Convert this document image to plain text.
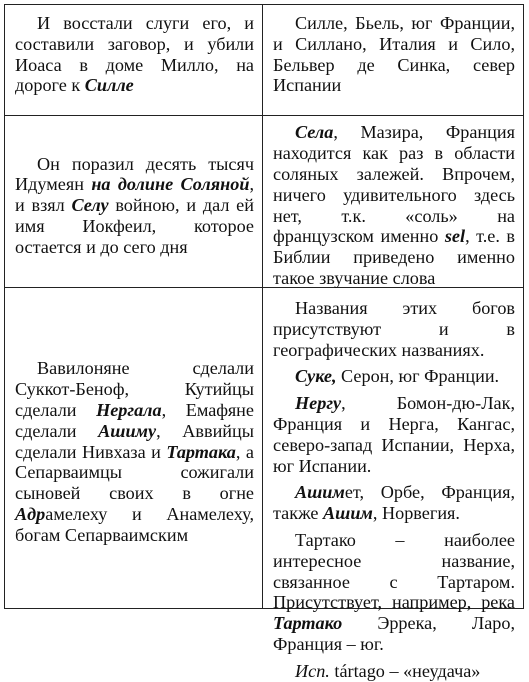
И восстали слуги его, и составили заговор, и убили Иоаса в доме Милло, на дороге к Силле

Силле, Бьель, юг Франции, и Силлано, Италия и Сило, Бельвер де Синка, север Испании

Он поразил десять тысяч Идумеян на долине Соляной, и взял Селу войною, и дал ей имя Иокфеил, которое остается и до сего дня

Села, Мазира, Франция находится как раз в области соляных залежей. Впрочем, ничего удивительного здесь нет, т.к. «соль» на французском именно sel, т.е. в Библии приведено именно такое звучание слова

Вавилоняне сделали Суккот-Беноф, Кутийцы сделали Нергала, Емафяне сделали Ашиму, Аввийцы сделали Нивхаза и Тартака, а Сепарваимцы сожигали сыновей своих в огне Адрамелеху и Анамелеху, богам Сепарваимским

Названия этих богов присутствуют и в географических названиях.

Суке, Серон, юг Франции.

Нергу, Бомон-дю-Лак, Франция и Нерга, Кангас, северо-запад Испании, Нерха, юг Испании.

Ашимет, Орбе, Франция, также Ашим, Норвегия.

Тартако – наиболее интересное название, связанное с Тартаром. Присутствует, например, река Тартако Эррека, Ларо, Франция – юг.

Исп. tártago – «неудача»
